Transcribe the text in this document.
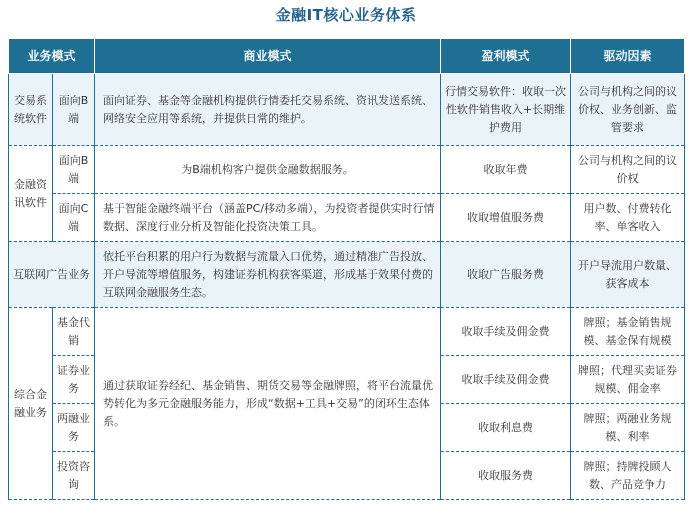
金融IT核心业务体系
业务模式		商业模式	盈利模式	驱动因素
交易系统软件	面向B端	面向证券、基金等金融机构提供行情委托交易系统、资讯发送系统、网络安全应用等系统，并提供日常的维护。	行情交易软件：收取一次性软件销售收入+长期维护费用	公司与机构之间的议价权、业务创新、监管要求
金融资讯软件	面向B端	为B端机构客户提供金融数据服务。	收取年费	公司与机构之间的议价权
	面向C端	基于智能金融终端平台（涵盖PC/移动多端），为投资者提供实时行情数据、深度行业分析及智能化投资决策工具。	收取增值服务费	用户数、付费转化率、单客收入
互联网广告业务		依托平台积累的用户行为数据与流量入口优势，通过精准广告投放、开户导流等增值服务，构建证券机构获客渠道，形成基于效果付费的互联网金融服务生态。	收取广告服务费	开户导流用户数量、获客成本
综合金融业务	基金代销	通过获取证券经纪、基金销售、期货交易等金融牌照，将平台流量优势转化为多元金融服务能力，形成“数据+工具+交易”的闭环生态体系。	收取手续及佣金费	牌照；基金销售规模、基金保有规模
	证券业务		收取手续及佣金费	牌照；代理买卖证券规模、佣金率
	两融业务		收取利息费	牌照；两融业务规模、利率
	投资咨询		收取服务费	牌照；持牌投顾人数、产品竞争力
